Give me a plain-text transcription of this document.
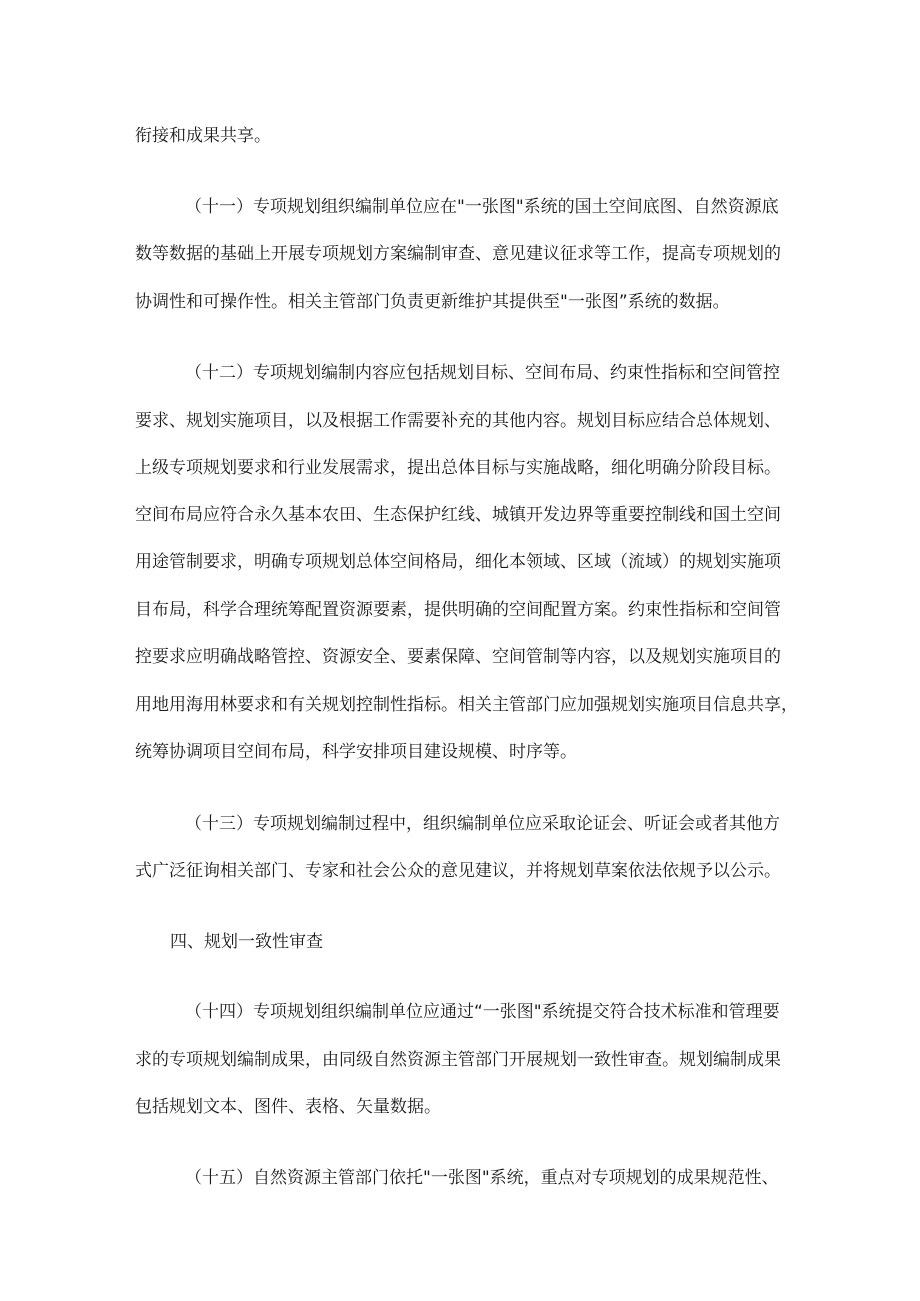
衔接和成果共享。
（十一）专项规划组织编制单位应在"一张图"系统的国土空间底图、自然资源底
数等数据的基础上开展专项规划方案编制审查、意见建议征求等工作，提高专项规划的
协调性和可操作性。相关主管部门负责更新维护其提供至"一张图”系统的数据。
（十二）专项规划编制内容应包括规划目标、空间布局、约束性指标和空间管控
要求、规划实施项目，以及根据工作需要补充的其他内容。规划目标应结合总体规划、
上级专项规划要求和行业发展需求，提出总体目标与实施战略，细化明确分阶段目标。
空间布局应符合永久基本农田、生态保护红线、城镇开发边界等重要控制线和国土空间
用途管制要求，明确专项规划总体空间格局，细化本领域、区域（流域）的规划实施项
目布局，科学合理统筹配置资源要素，提供明确的空间配置方案。约束性指标和空间管
控要求应明确战略管控、资源安全、要素保障、空间管制等内容，以及规划实施项目的
用地用海用林要求和有关规划控制性指标。相关主管部门应加强规划实施项目信息共享，
统筹协调项目空间布局，科学安排项目建设规模、时序等。
（十三）专项规划编制过程中，组织编制单位应采取论证会、听证会或者其他方
式广泛征询相关部门、专家和社会公众的意见建议，并将规划草案依法依规予以公示。
四、规划一致性审查
（十四）专项规划组织编制单位应通过“一张图"系统提交符合技术标准和管理要
求的专项规划编制成果，由同级自然资源主管部门开展规划一致性审查。规划编制成果
包括规划文本、图件、表格、矢量数据。
（十五）自然资源主管部门依托"一张图"系统，重点对专项规划的成果规范性、
